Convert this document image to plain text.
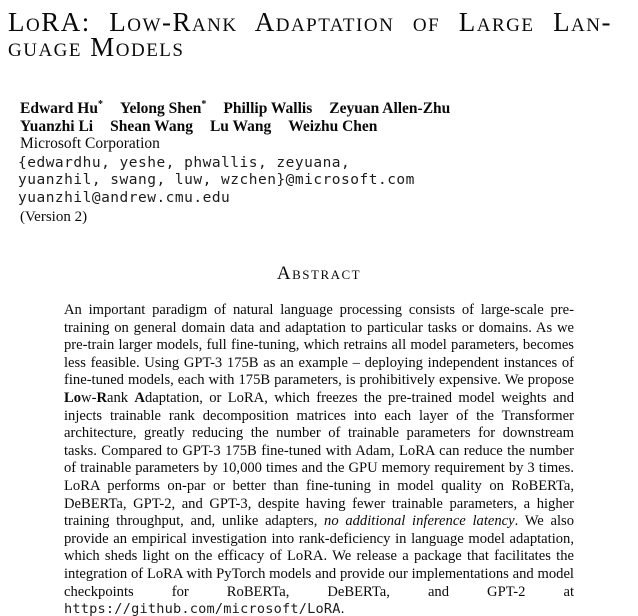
LoRA: Low-Rank Adaptation of Large Lan-
guage Models
Edward Hu* Yelong Shen* Phillip Wallis Zeyuan Allen-Zhu
Yuanzhi Li Shean Wang Lu Wang Weizhu Chen
Microsoft Corporation
{edwardhu, yeshe, phwallis, zeyuana,
yuanzhil, swang, luw, wzchen}@microsoft.com
yuanzhil@andrew.cmu.edu
(Version 2)
Abstract

An important paradigm of natural language processing consists of large-scale pre-training on general domain data and adaptation to particular tasks or domains. As we pre-train larger models, full fine-tuning, which retrains all model parameters, becomes less feasible. Using GPT-3 175B as an example – deploying independent instances of fine-tuned models, each with 175B parameters, is prohibitively expensive. We propose Low-Rank Adaptation, or LoRA, which freezes the pre-trained model weights and injects trainable rank decomposition matrices into each layer of the Transformer architecture, greatly reducing the number of trainable parameters for downstream tasks. Compared to GPT-3 175B fine-tuned with Adam, LoRA can reduce the number of trainable parameters by 10,000 times and the GPU memory requirement by 3 times. LoRA performs on-par or better than fine-tuning in model quality on RoBERTa, DeBERTa, GPT-2, and GPT-3, despite having fewer trainable parameters, a higher training throughput, and, unlike adapters, no additional inference latency. We also provide an empirical investigation into rank-deficiency in language model adaptation, which sheds light on the efficacy of LoRA. We release a package that facilitates the integration of LoRA with PyTorch models and provide our implementations and model checkpoints for RoBERTa, DeBERTa, and GPT-2 at https://github.com/microsoft/LoRA.
